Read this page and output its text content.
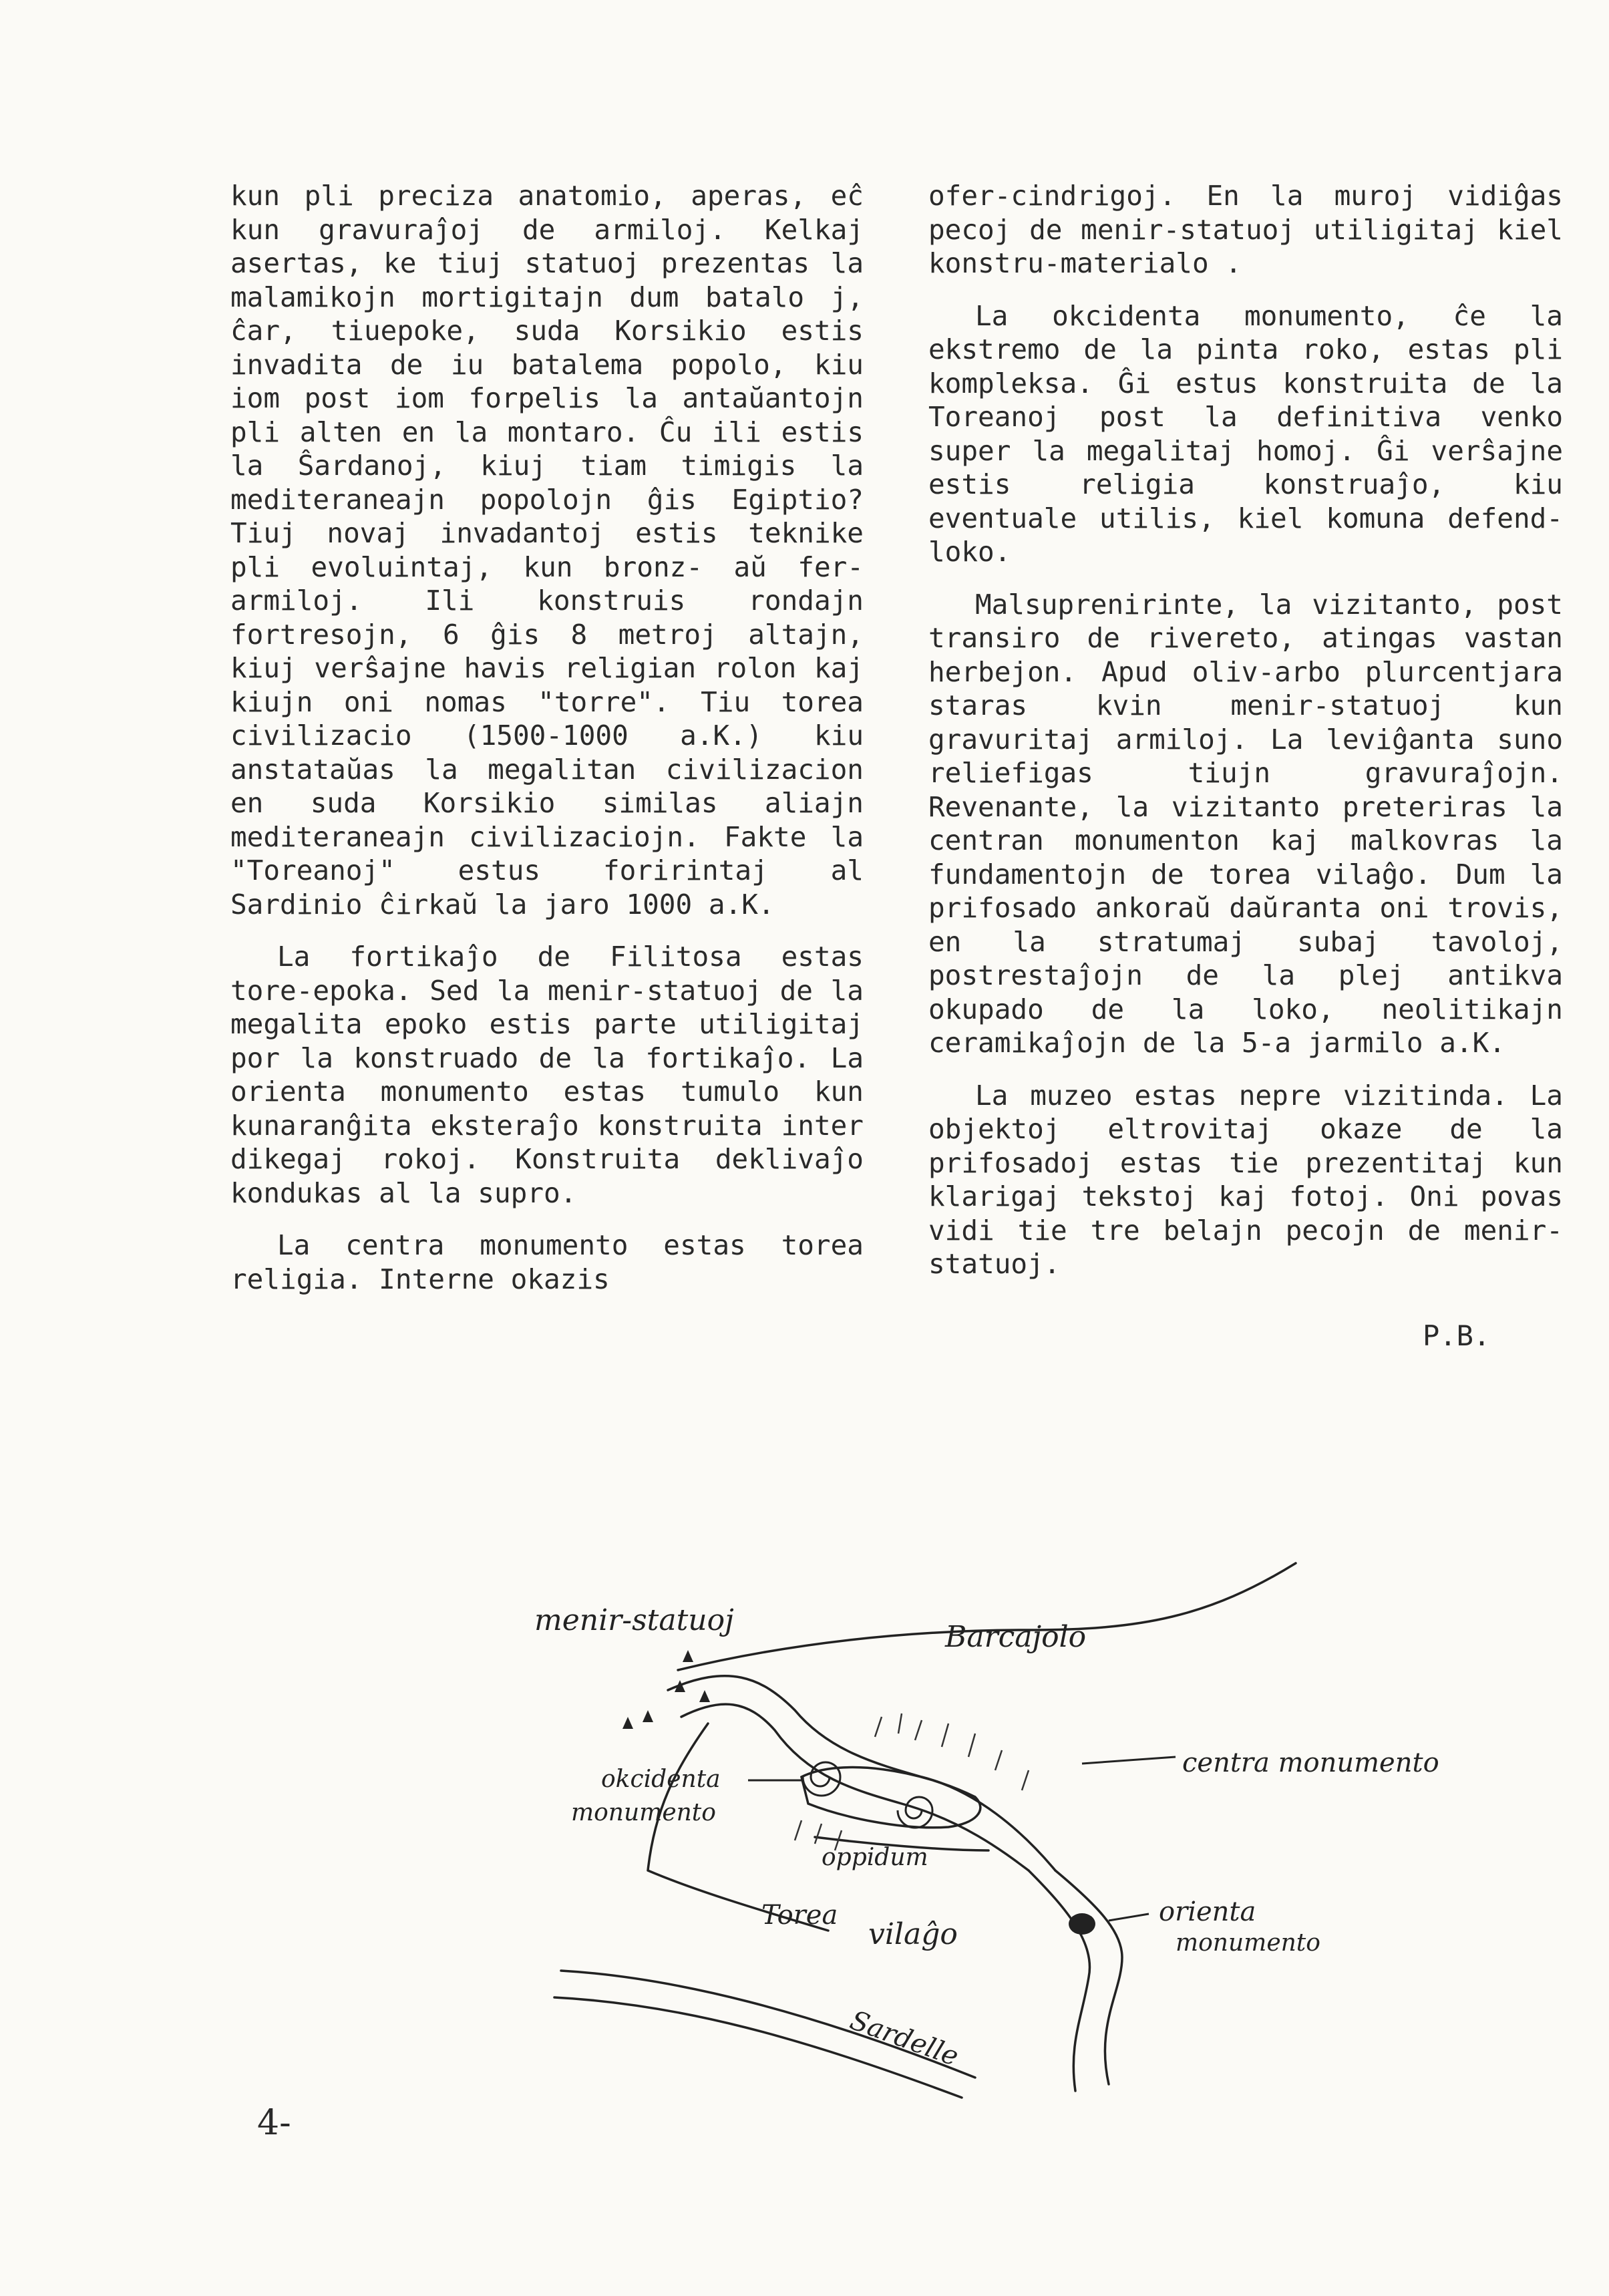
kun pli preciza anatomio, aperas, eĉ kun gravuraĵoj de armiloj. Kelkaj asertas, ke tiuj statuoj prezentas la malamikojn mortigitajn dum batalo j, ĉar, tiuepoke, suda Korsikio estis invadita de iu batalema popolo, kiu iom post iom forpelis la antaŭantojn pli alten en la montaro. Ĉu ili estis la Ŝardanoj, kiuj tiam timigis la mediteraneajn popolojn ĝis Egiptio? Tiuj novaj invadantoj estis teknike pli evoluintaj, kun bronz- aŭ fer-armiloj. Ili konstruis rondajn fortresojn, 6 ĝis 8 metroj altajn, kiuj verŝajne havis religian rolon kaj kiujn oni nomas "torre". Tiu torea civilizacio (1500-1000 a.K.) kiu anstataŭas la megalitan civilizacion en suda Korsikio similas aliajn mediteraneajn civilizaciojn. Fakte la "Toreanoj" estus foririntaj al Sardinio ĉirkaŭ la jaro 1000 a.K.

La fortikaĵo de Filitosa estas tore-epoka. Sed la menir-statuoj de la megalita epoko estis parte utiligitaj por la konstruado de la fortikaĵo. La orienta monumento estas tumulo kun kunaranĝita eksteraĵo konstruita inter dikegaj rokoj. Konstruita deklivaĵo kondukas al la supro.

La centra monumento estas torea religia. Interne okazis

ofer-cindrigoj. En la muroj vidiĝas pecoj de menir-statuoj utiligitaj kiel konstru-materialo .

La okcidenta monumento, ĉe la ekstremo de la pinta roko, estas pli kompleksa. Ĝi estus konstruita de la Toreanoj post la definitiva venko super la megalitaj homoj. Ĝi verŝajne estis religia konstruaĵo, kiu eventuale utilis, kiel komuna defend-loko.

Malsuprenirinte, la vizitanto, post transiro de rivereto, atingas vastan herbejon. Apud oliv-arbo plurcentjara staras kvin menir-statuoj kun gravuritaj armiloj. La leviĝanta suno reliefigas tiujn gravuraĵojn. Revenante, la vizitanto preteriras la centran monumenton kaj malkovras la fundamentojn de torea vilaĝo. Dum la prifosado ankoraŭ daŭranta oni trovis, en la stratumaj subaj tavoloj, postrestaĵojn de la plej antikva okupado de la loko, neolitikajn ceramikaĵojn de la 5-a jarmilo a.K.

La muzeo estas nepre vizitinda. La objektoj eltrovitaj okaze de la prifosadoj estas tie prezentitaj kun klarigaj tekstoj kaj fotoj. Oni povas vidi tie tre belajn pecojn de menir-statuoj.

P.B.
menir-statuoj	Barcajolo
centra monumento
okcidenta
monumento
oppidum
Torea
vilaĝo
orienta
monumento
Sardelle
4-
